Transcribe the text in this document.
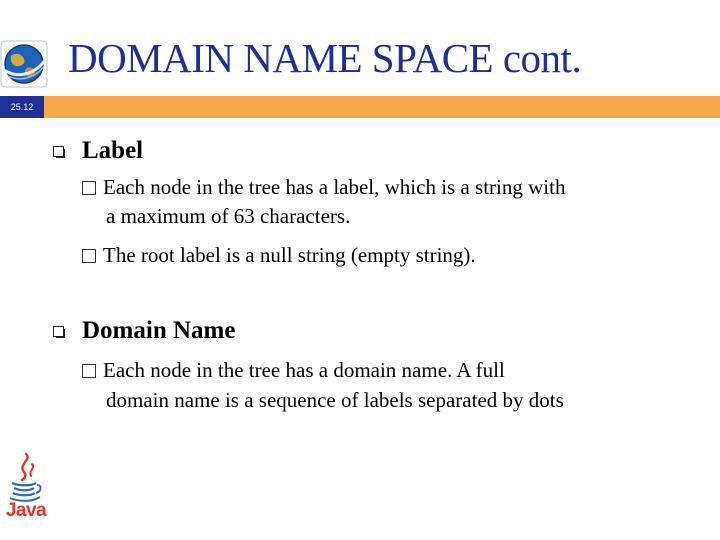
DOMAIN NAME SPACE cont.
25.12
Label
Each node in the tree has a label, which is a string with
a maximum of 63 characters.
The root label is a null string (empty string).
Domain Name
Each node in the tree has a domain name. A full
domain name is a sequence of labels separated by dots
Java
